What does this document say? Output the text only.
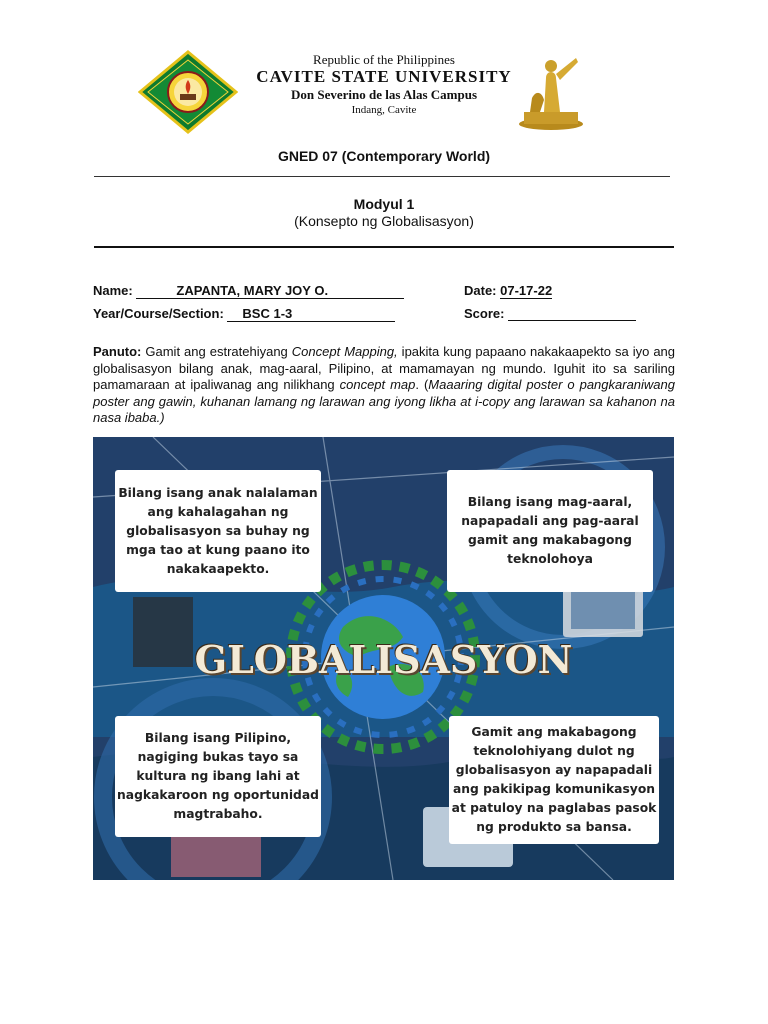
Republic of the Philippines
CAVITE STATE UNIVERSITY
Don Severino de las Alas Campus
Indang, Cavite
GNED 07 (Contemporary World)
Modyul 1
(Konsepto ng Globalisasyon)
Name:	ZAPANTA, MARY JOY O.	Date: 07-17-22
Year/Course/Section: BSC 1-3	Score:
Panuto: Gamit ang estratehiyang Concept Mapping, ipakita kung papaano nakakaapekto sa iyo ang globalisasyon bilang anak, mag-aaral, Pilipino, at mamamayan ng mundo. Iguhit ito sa sariling pamamaraan at ipaliwanag ang nilikhang concept map. (Maaaring digital poster o pangkaraniwang poster ang gawin, kuhanan lamang ng larawan ang iyong likha at i-copy ang larawan sa kahanon na nasa ibaba.)
GLOBALISASYON
Bilang isang anak nalalaman ang kahalagahan ng globalisasyon sa buhay ng mga tao at kung paano ito nakakaapekto.
Bilang isang mag-aaral, napapadali ang pag-aaral gamit ang makabagong teknolohoya
Bilang isang Pilipino, nagiging bukas tayo sa kultura ng ibang lahi at nagkakaroon ng oportunidad magtrabaho.
Gamit ang makabagong teknolohiyang dulot ng globalisasyon ay napapadali ang pakikipag komunikasyon at patuloy na paglabas pasok ng produkto sa bansa.
